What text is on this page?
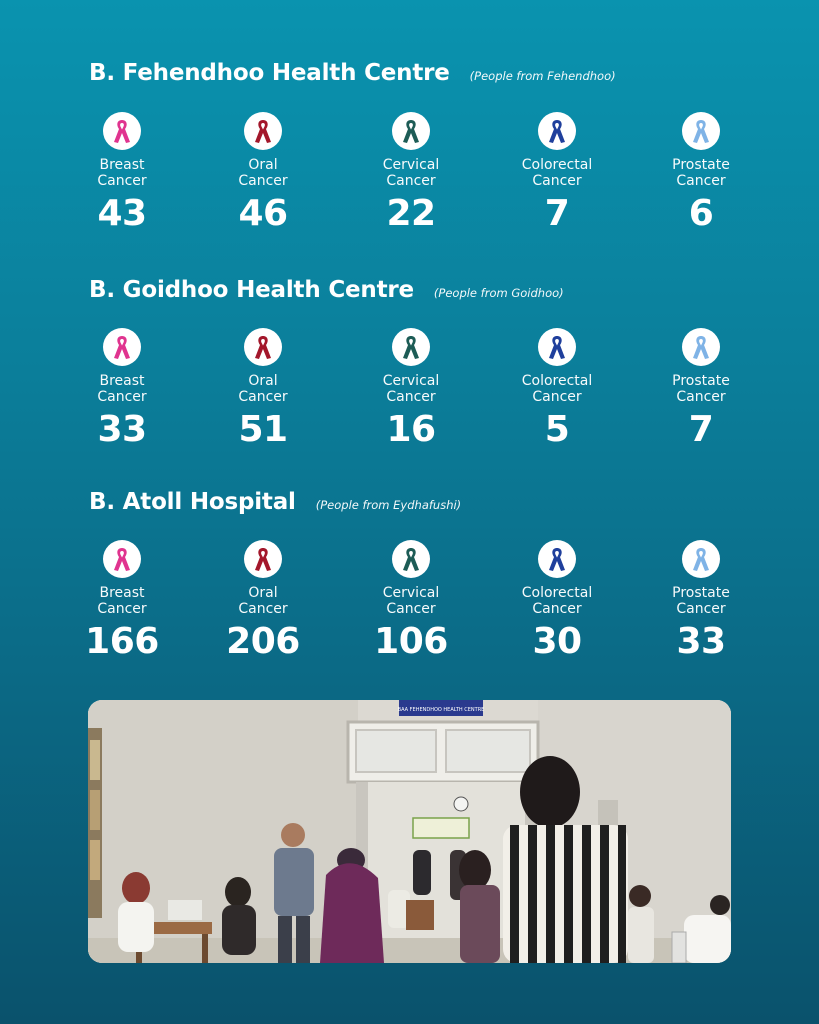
B. Fehendhoo Health Centre (People from Fehendhoo)
B. Goidhoo Health Centre (People from Goidhoo)
B. Atoll Hospital (People from Eydhafushi)
Breast
Cancer
43
Oral
Cancer
46
Cervical
Cancer
22
Colorectal
Cancer
7
Prostate
Cancer
6
Breast
Cancer
33
Oral
Cancer
51
Cervical
Cancer
16
Colorectal
Cancer
5
Prostate
Cancer
7
Breast
Cancer
166
Oral
Cancer
206
Cervical
Cancer
106
Colorectal
Cancer
30
Prostate
Cancer
33
BAA FEHENDHOO HEALTH CENTRE
